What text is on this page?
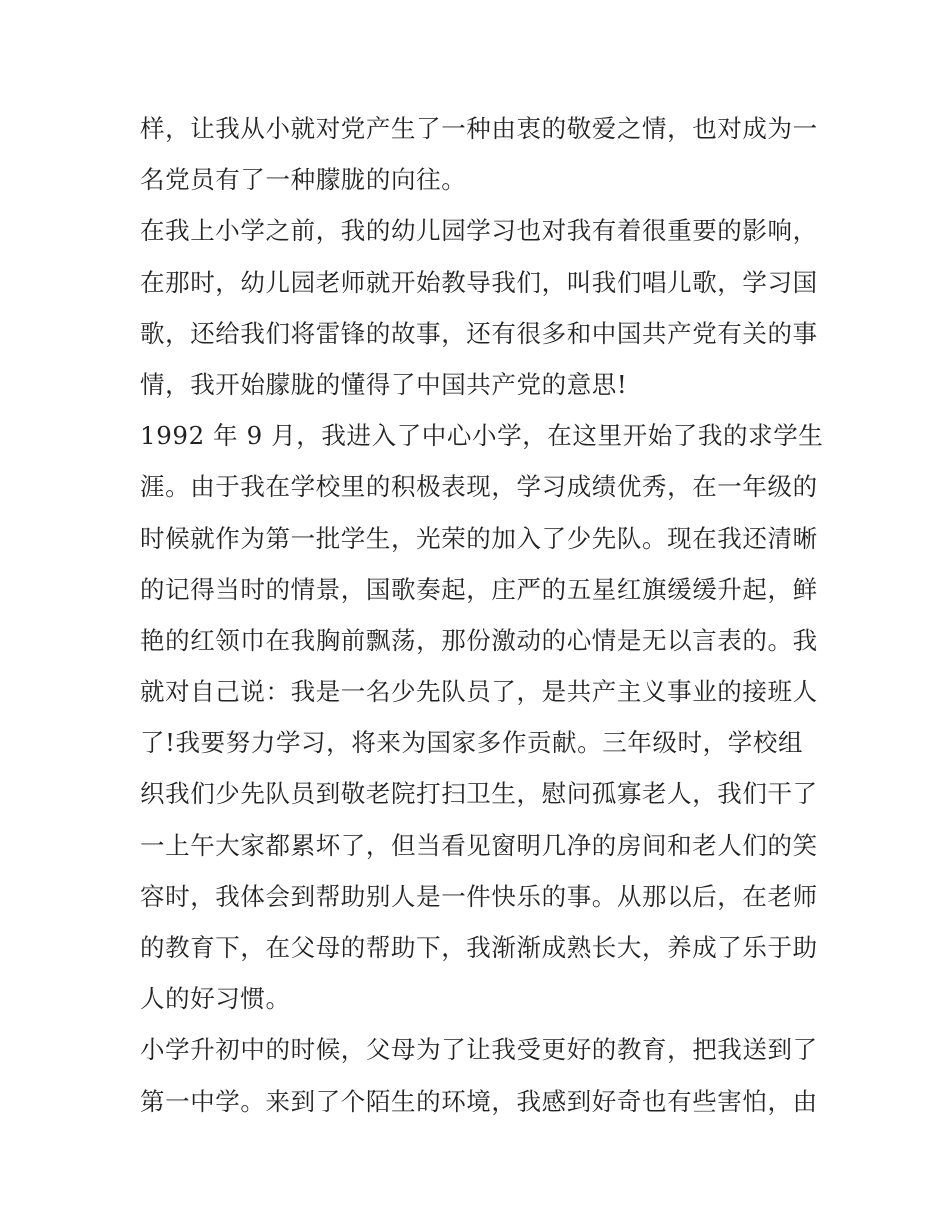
样，让我从小就对党产生了一种由衷的敬爱之情，也对成为一
名党员有了一种朦胧的向往。
在我上小学之前，我的幼儿园学习也对我有着很重要的影响，
在那时，幼儿园老师就开始教导我们，叫我们唱儿歌，学习国
歌，还给我们将雷锋的故事，还有很多和中国共产党有关的事
情，我开始朦胧的懂得了中国共产党的意思!
1992 年 9 月，我进入了中心小学，在这里开始了我的求学生
涯。由于我在学校里的积极表现，学习成绩优秀，在一年级的
时候就作为第一批学生，光荣的加入了少先队。现在我还清晰
的记得当时的情景，国歌奏起，庄严的五星红旗缓缓升起，鲜
艳的红领巾在我胸前飘荡，那份激动的心情是无以言表的。我
就对自己说：我是一名少先队员了，是共产主义事业的接班人
了!我要努力学习，将来为国家多作贡献。三年级时，学校组
织我们少先队员到敬老院打扫卫生，慰问孤寡老人，我们干了
一上午大家都累坏了，但当看见窗明几净的房间和老人们的笑
容时，我体会到帮助别人是一件快乐的事。从那以后，在老师
的教育下，在父母的帮助下，我渐渐成熟长大，养成了乐于助
人的好习惯。
小学升初中的时候，父母为了让我受更好的教育，把我送到了
第一中学。来到了个陌生的环境，我感到好奇也有些害怕，由
